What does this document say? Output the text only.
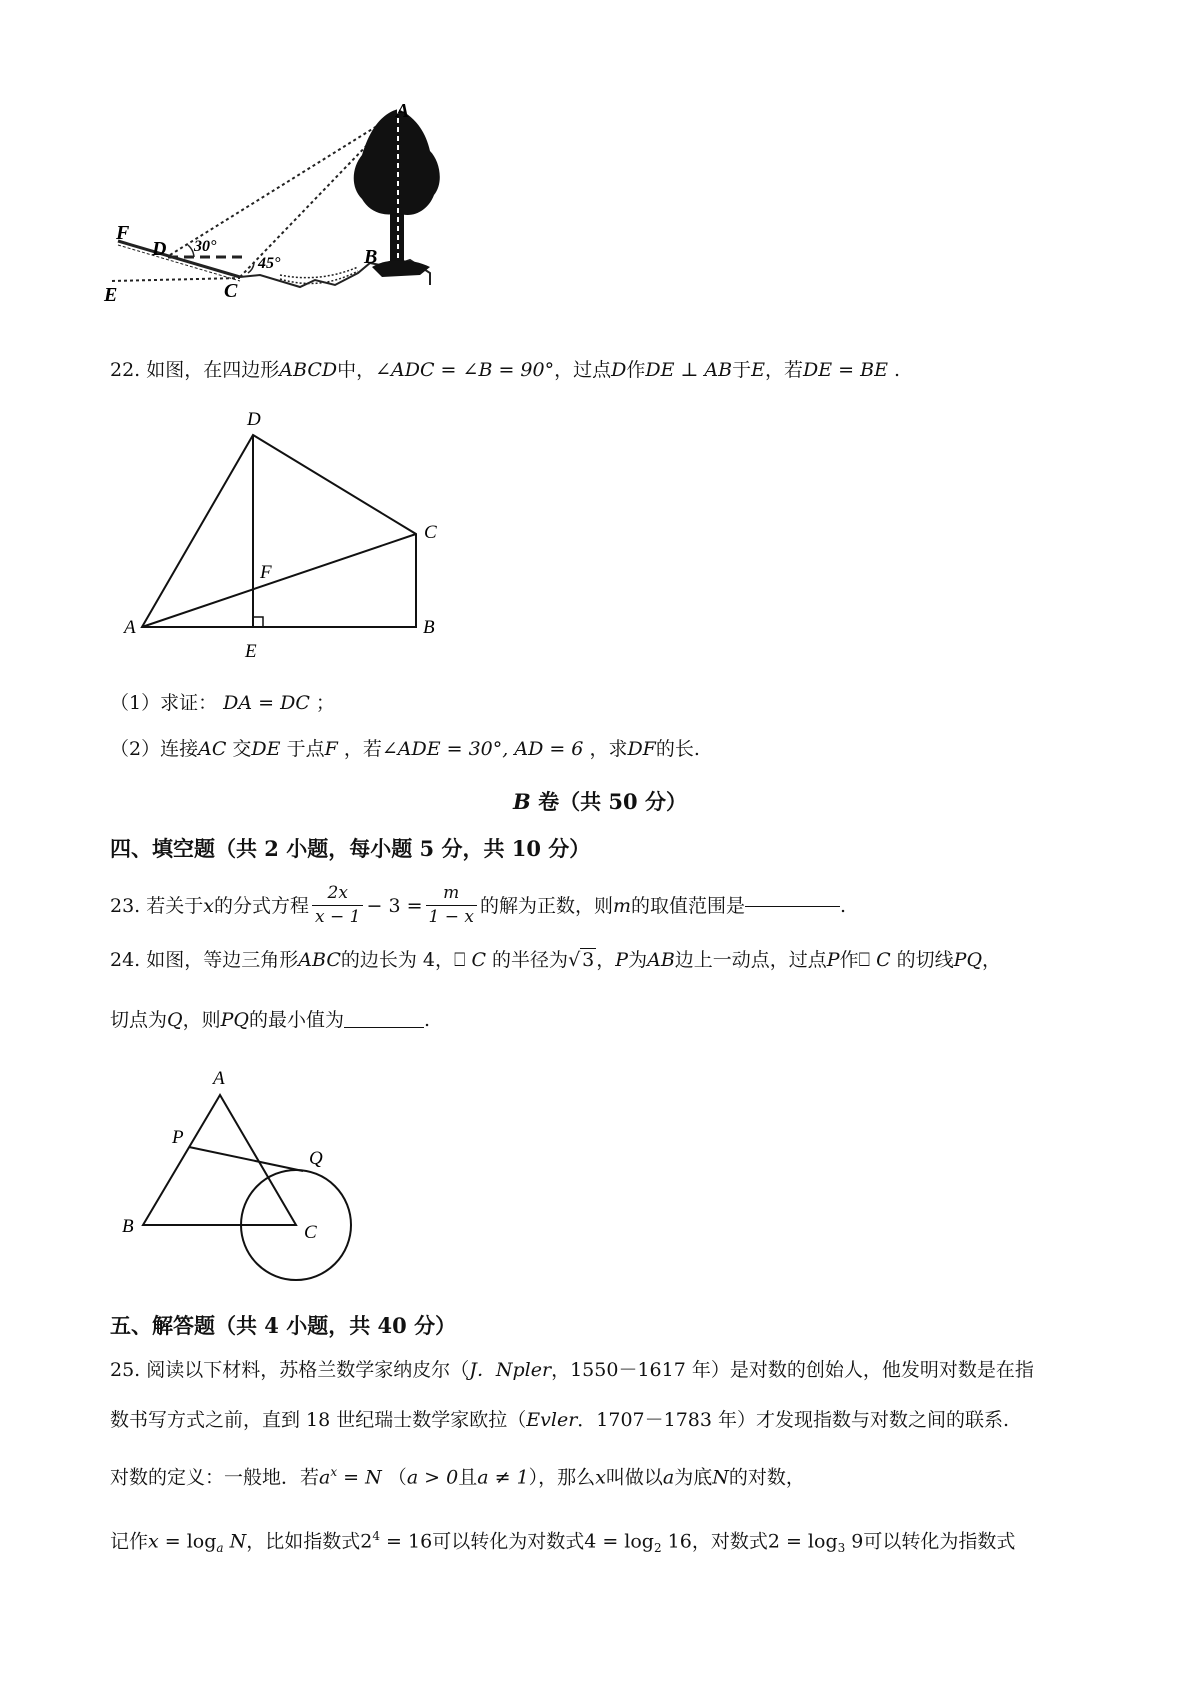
A
B
C
D
E
F
30°
45°
22. 如图，在四边形ABCD中，∠ADC = ∠B = 90°，过点D作DE ⊥ AB于E，若DE = BE .
D
C
A	B
E
F
（1）求证： DA = DC ；
（2）连接AC 交DE 于点F ，若∠ADE = 30°, AD = 6 ，求DF的长.
B 卷（共 50 分）
四、填空题（共 2 小题，每小题 5 分，共 10 分）
23.
若关于 x 的分式方程 $\frac{2x}{x - 1} - 3 = \frac{m}{1 - x}$ 的解为正数，则 m 的取值范围是	.
24. 如图，等边三角形ABC的边长为 4，⎕ C 的半径为√ 3 ，P为AB边上一动点，过点P作⎕ C 的切线PQ，
切点为Q，则PQ的最小值为	.
A
P
Q
B	C
五、解答题（共 4 小题，共 40 分）
25. 阅读以下材料，苏格兰数学家纳皮尔（J．Npler，1550－1617 年）是对数的创始人，他发明对数是在指
数书写方式之前，直到 18 世纪瑞士数学家欧拉（Evler．1707－1783 年）才发现指数与对数之间的联系.
对数的定义：一般地．若$a^x = N$ （a > 0且a ≠ 1），那么x叫做以a为底N的对数，
记作$x = \log_a N$，比如指数式$2^4 = 16$可以转化为对数式$4 = \log_2 16$，对数式$2 = \log_3 9$可以转化为指数式
